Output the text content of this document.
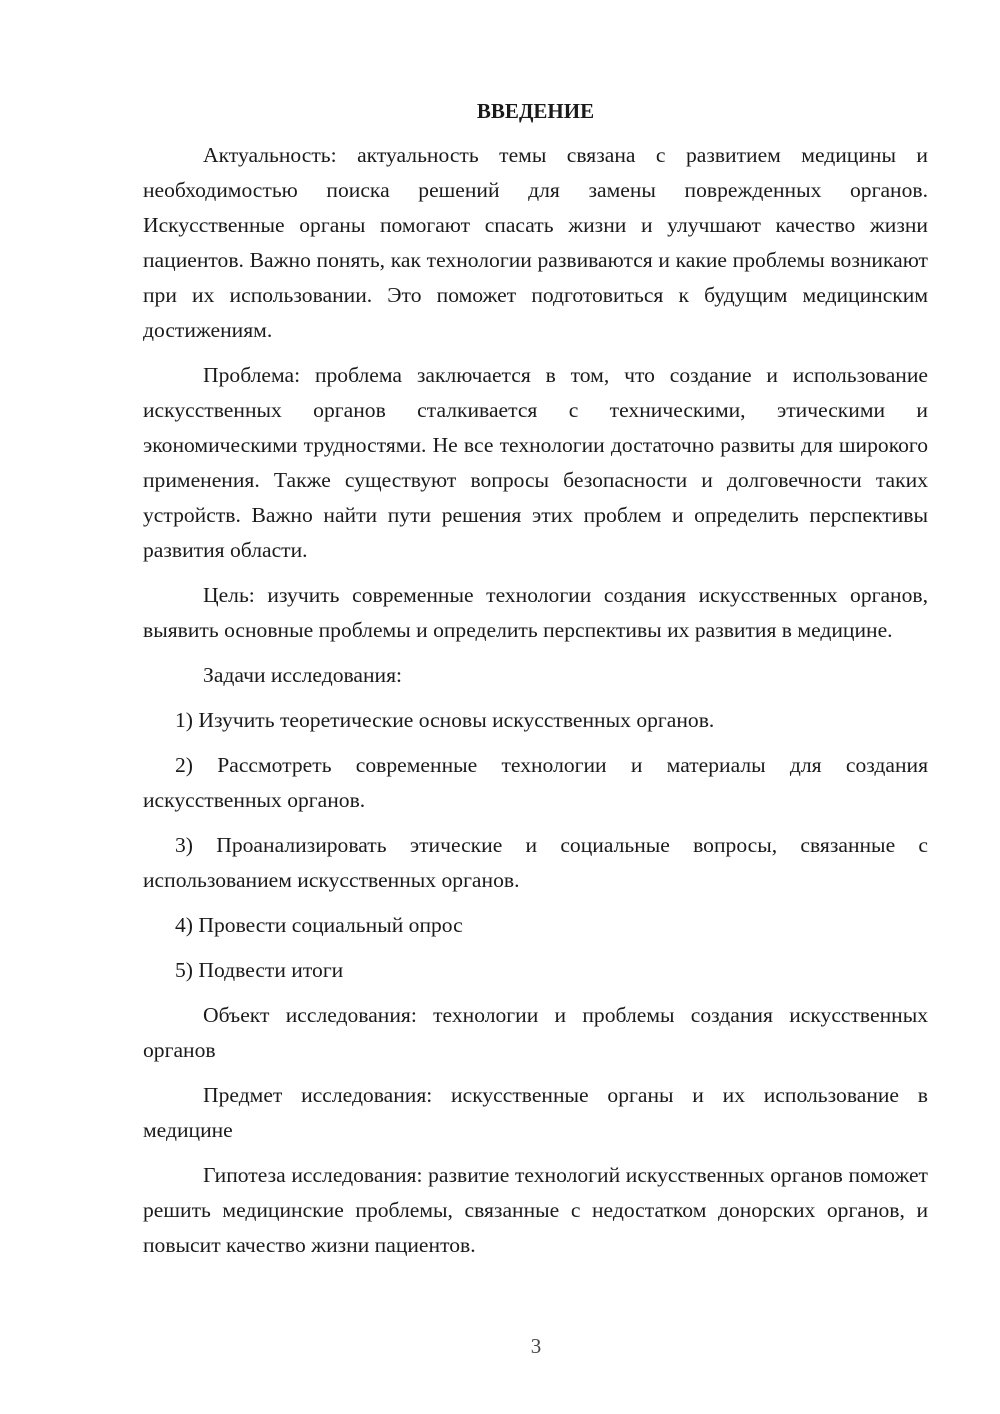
ВВЕДЕНИЕ

Актуальность: актуальность темы связана с развитием медицины и необходимостью поиска решений для замены поврежденных органов. Искусственные органы помогают спасать жизни и улучшают качество жизни пациентов. Важно понять, как технологии развиваются и какие проблемы возникают при их использовании. Это поможет подготовиться к будущим медицинским достижениям.

Проблема: проблема заключается в том, что создание и использование искусственных органов сталкивается с техническими, этическими и экономическими трудностями. Не все технологии достаточно развиты для широкого применения. Также существуют вопросы безопасности и долговечности таких устройств. Важно найти пути решения этих проблем и определить перспективы развития области.

Цель: изучить современные технологии создания искусственных органов, выявить основные проблемы и определить перспективы их развития в медицине.

Задачи исследования:

1) Изучить теоретические основы искусственных органов.

2) Рассмотреть современные технологии и материалы для создания искусственных органов.

3) Проанализировать этические и социальные вопросы, связанные с использованием искусственных органов.

4) Провести социальный опрос

5) Подвести итоги

Объект исследования: технологии и проблемы создания искусственных органов

Предмет исследования: искусственные органы и их использование в медицине

Гипотеза исследования: развитие технологий искусственных органов поможет решить медицинские проблемы, связанные с недостатком донорских органов, и повысит качество жизни пациентов.

3
